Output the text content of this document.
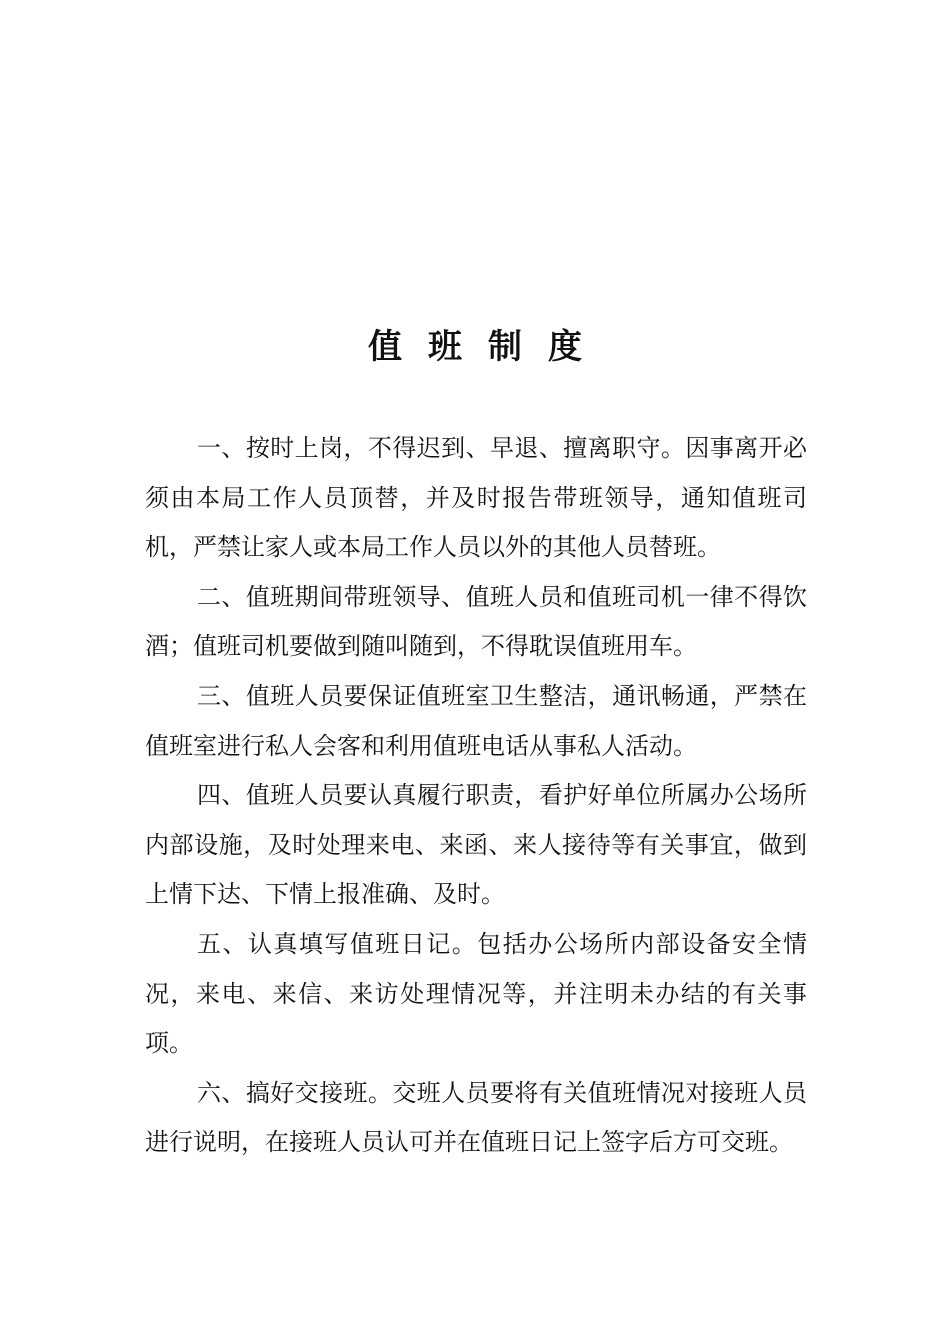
值班制度

一、按时上岗，不得迟到、早退、擅离职守。因事离开必须由本局工作人员顶替，并及时报告带班领导，通知值班司机，严禁让家人或本局工作人员以外的其他人员替班。

二、值班期间带班领导、值班人员和值班司机一律不得饮酒；值班司机要做到随叫随到，不得耽误值班用车。

三、值班人员要保证值班室卫生整洁，通讯畅通，严禁在值班室进行私人会客和利用值班电话从事私人活动。

四、值班人员要认真履行职责，看护好单位所属办公场所内部设施，及时处理来电、来函、来人接待等有关事宜，做到上情下达、下情上报准确、及时。

五、认真填写值班日记。包括办公场所内部设备安全情况，来电、来信、来访处理情况等，并注明未办结的有关事项。

六、搞好交接班。交班人员要将有关值班情况对接班人员进行说明，在接班人员认可并在值班日记上签字后方可交班。
